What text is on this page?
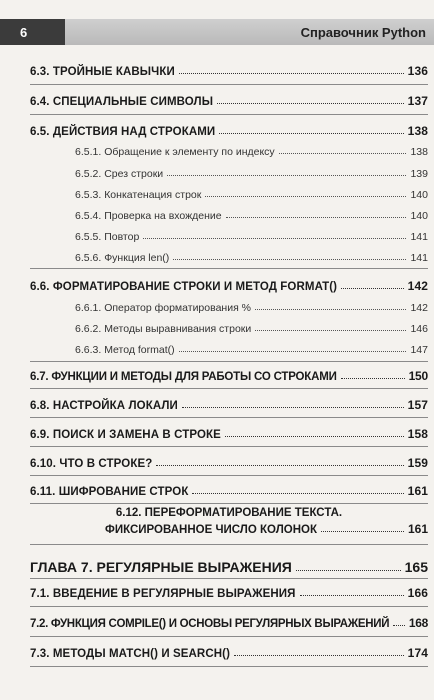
6	Справочник Python
6.3. ТРОЙНЫЕ КАВЫЧКИ	136
6.4. СПЕЦИАЛЬНЫЕ СИМВОЛЫ	137
6.5. ДЕЙСТВИЯ НАД СТРОКАМИ	138
6.5.1. Обращение к элементу по индексу	138
6.5.2. Срез строки	139
6.5.3. Конкатенация строк	140
6.5.4. Проверка на вхождение	140
6.5.5. Повтор	141
6.5.6. Функция len()	141
6.6. ФОРМАТИРОВАНИЕ СТРОКИ И МЕТОД FORMAT()	142
6.6.1. Оператор форматирования %	142
6.6.2. Методы выравнивания строки	146
6.6.3. Метод format()	147
6.7. ФУНКЦИИ И МЕТОДЫ ДЛЯ РАБОТЫ СО СТРОКАМИ	150
6.8. НАСТРОЙКА ЛОКАЛИ	157
6.9. ПОИСК И ЗАМЕНА В СТРОКЕ	158
6.10. ЧТО В СТРОКЕ?	159
6.11. ШИФРОВАНИЕ СТРОК	161
6.12. ПЕРЕФОРМАТИРОВАНИЕ ТЕКСТА.
ФИКСИРОВАННОЕ ЧИСЛО КОЛОНОК	161
ГЛАВА 7. РЕГУЛЯРНЫЕ ВЫРАЖЕНИЯ	165
7.1. ВВЕДЕНИЕ В РЕГУЛЯРНЫЕ ВЫРАЖЕНИЯ	166
7.2. ФУНКЦИЯ COMPILE() И ОСНОВЫ РЕГУЛЯРНЫХ ВЫРАЖЕНИЙ 168
7.3. МЕТОДЫ MATCH() И SEARCH()	174
